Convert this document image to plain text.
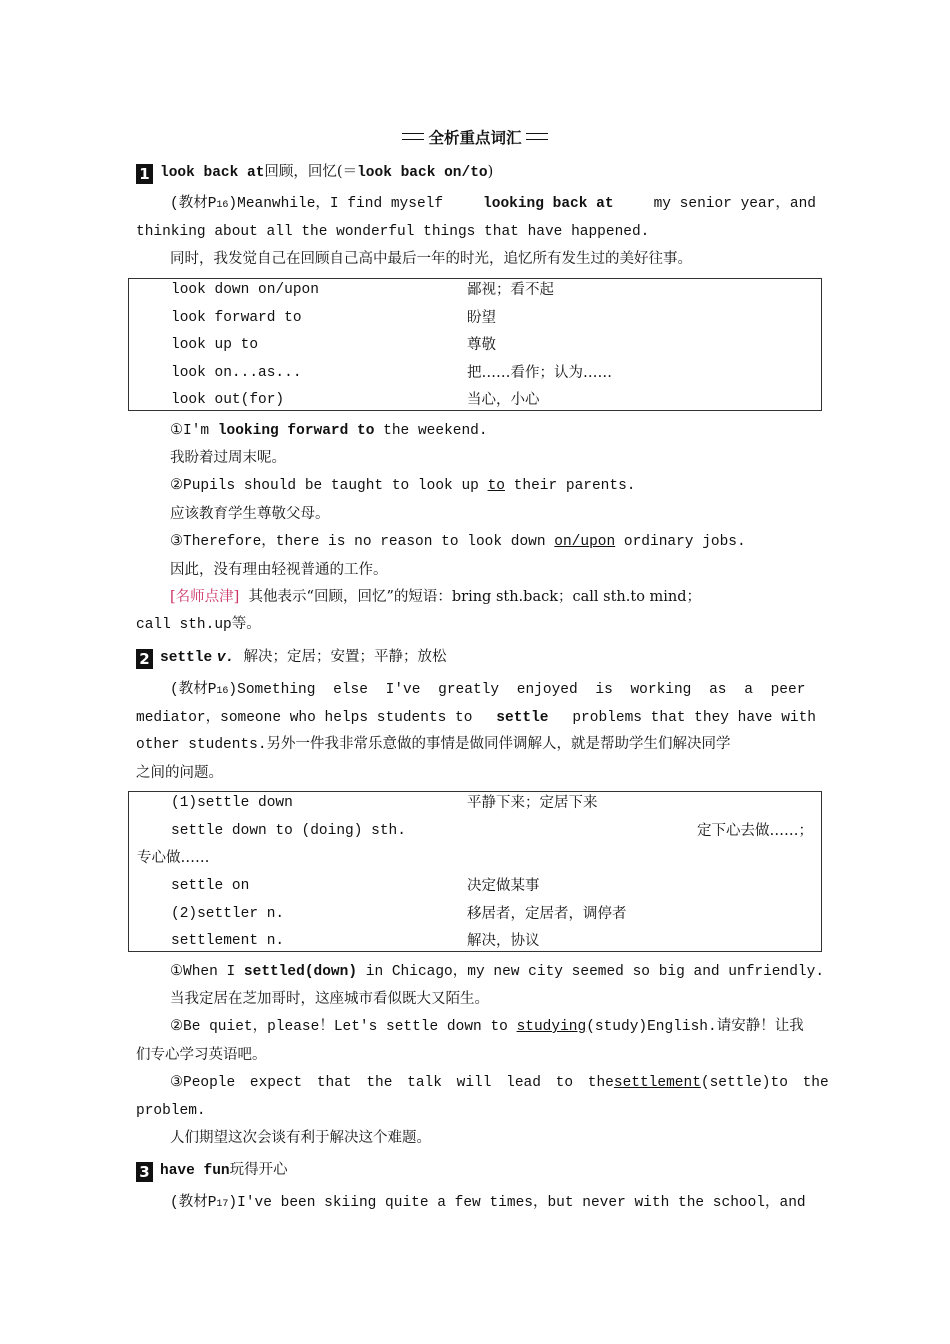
全析重点词汇
1 look back at回顾，回忆(＝look back on/to)
(教材P16)Meanwhile，I find myself	looking back at	my senior year，and
thinking about all the wonderful things that have happened.
同时，我发觉自己在回顾自己高中最后一年的时光，追忆所有发生过的美好往事。
look down on/upon	鄙视；看不起
look forward to	盼望
look up to	尊敬
look on...as...	把……看作；认为……
look out(for)	当心，小心
①I'm looking forward to the weekend.
我盼着过周末呢。
②Pupils should be taught to look up to their parents.
应该教育学生尊敬父母。
③Therefore，there is no reason to look down on/upon ordinary jobs.
因此，没有理由轻视普通的工作。
[名师点津] 其他表示“回顾，回忆”的短语：bring sth.back；call sth.to mind；
call sth.up等。
2 settle v. 解决；定居；安置；平静；放松
(教材P16)Something else I've greatly enjoyed is working as a peer
mediator，someone who helps students to settle problems that they have with
other students.另外一件我非常乐意做的事情是做同伴调解人，就是帮助学生们解决同学
之间的问题。
(1)settle down	平静下来；定居下来
settle down to (doing) sth.	定下心去做……；
专心做……
settle on	决定做某事
(2)settler n.	移居者，定居者，调停者
settlement n.	解决，协议
①When I settled(down) in Chicago，my new city seemed so big and unfriendly.
当我定居在芝加哥时，这座城市看似既大又陌生。
②Be quiet，please！Let's settle down to studying(study)English.请安静！让我
们专心学习英语吧。
③People expect that the talk will lead to the settlement (settle)to the
problem.
人们期望这次会谈有利于解决这个难题。
3 have fun玩得开心
(教材P17)I've been skiing quite a few times，but never with the school，and
